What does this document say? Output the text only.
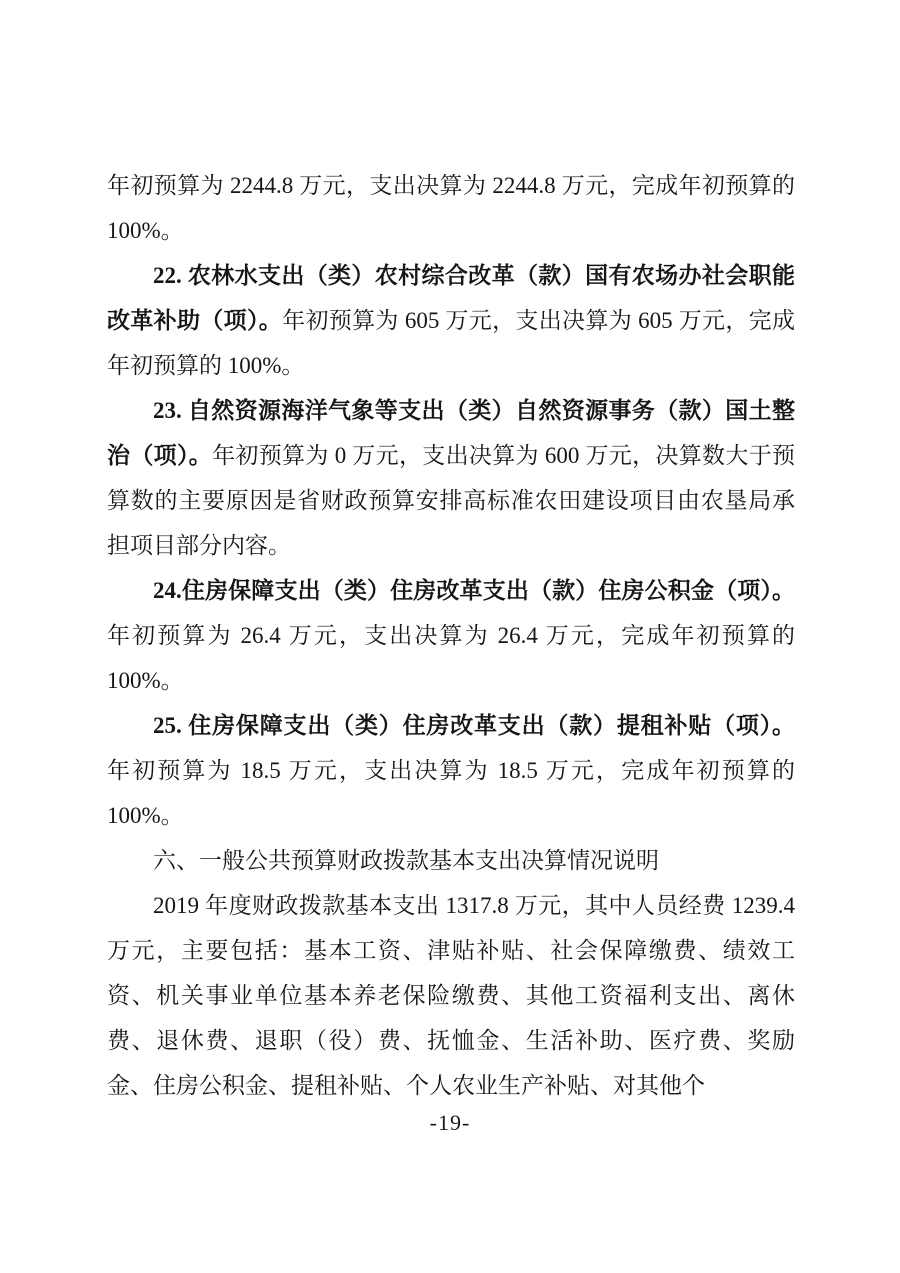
年初预算为 2244.8 万元，支出决算为 2244.8 万元，完成年初预算的 100%。

22. 农林水支出（类）农村综合改革（款）国有农场办社会职能改革补助（项）。年初预算为 605 万元，支出决算为 605 万元，完成年初预算的 100%。

23. 自然资源海洋气象等支出（类）自然资源事务（款）国土整治（项）。年初预算为 0 万元，支出决算为 600 万元，决算数大于预算数的主要原因是省财政预算安排高标准农田建设项目由农垦局承担项目部分内容。

24.住房保障支出（类）住房改革支出（款）住房公积金（项）。年初预算为 26.4 万元，支出决算为 26.4 万元，完成年初预算的 100%。

25. 住房保障支出（类）住房改革支出（款）提租补贴（项）。年初预算为 18.5 万元，支出决算为 18.5 万元，完成年初预算的 100%。

六、一般公共预算财政拨款基本支出决算情况说明

2019 年度财政拨款基本支出 1317.8 万元，其中人员经费 1239.4 万元，主要包括：基本工资、津贴补贴、社会保障缴费、绩效工资、机关事业单位基本养老保险缴费、其他工资福利支出、离休费、退休费、退职（役）费、抚恤金、生活补助、医疗费、奖励金、住房公积金、提租补贴、个人农业生产补贴、对其他个

-19-
